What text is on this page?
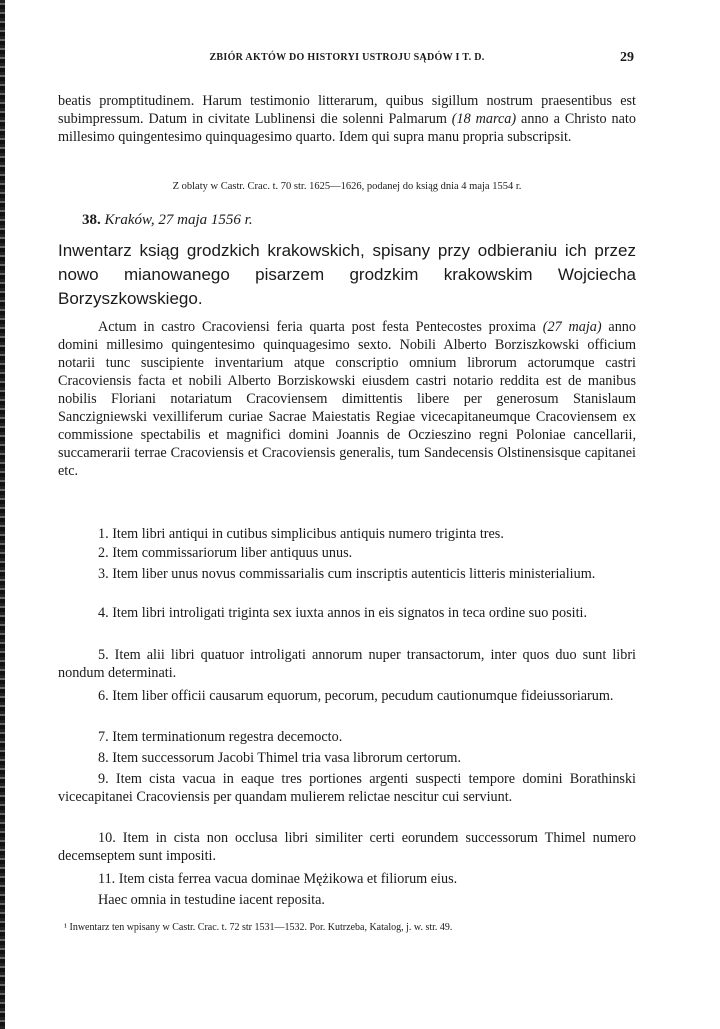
ZBIÓR AKTÓW DO HISTORYI USTROJU SĄDÓW I T. D.	29

beatis promptitudinem. Harum testimonio litterarum, quibus sigillum nostrum praesentibus est subimpressum. Datum in civitate Lublinensi die solenni Palmarum (18 marca) anno a Christo nato millesimo quingentesimo quinquagesimo quarto. Idem qui supra manu propria subscripsit.

Z oblaty w Castr. Crac. t. 70 str. 1625—1626, podanej do ksiąg dnia 4 maja 1554 r.

38. Kraków, 27 maja 1556 r.

Inwentarz ksiąg grodzkich krakowskich, spisany przy odbieraniu ich przez nowo mianowanego pisarzem grodzkim krakowskim Wojciecha Borzyszkowskiego.

Actum in castro Cracoviensi feria quarta post festa Pentecostes proxima (27 maja) anno domini millesimo quingentesimo quinquagesimo sexto. Nobili Alberto Borziszkowski officium notarii tunc suscipiente inventarium atque conscriptio omnium librorum actorumque castri Cracoviensis facta et nobili Alberto Borziskowski eiusdem castri notario reddita est de manibus nobilis Floriani notariatum Cracoviensem dimittentis libere per generosum Stanislaum Sanczigniewski vexilliferum curiae Sacrae Maiestatis Regiae vicecapitaneumque Cracoviensem ex commissione spectabilis et magnifici domini Joannis de Oczieszino regni Poloniae cancellarii, succamerarii terrae Cracoviensis et Cracoviensis generalis, tum Sandecensis Olstinensisque capitanei etc.

1. Item libri antiqui in cutibus simplicibus antiquis numero triginta tres.

2. Item commissariorum liber antiquus unus.

3. Item liber unus novus commissarialis cum inscriptis autenticis litteris ministerialium.

4. Item libri introligati triginta sex iuxta annos in eis signatos in teca ordine suo positi.

5. Item alii libri quatuor introligati annorum nuper transactorum, inter quos duo sunt libri nondum determinati.

6. Item liber officii causarum equorum, pecorum, pecudum cautionumque fideiussoriarum.

7. Item terminationum regestra decemocto.

8. Item successorum Jacobi Thimel tria vasa librorum certorum.

9. Item cista vacua in eaque tres portiones argenti suspecti tempore domini Borathinski vicecapitanei Cracoviensis per quandam mulierem relictae nescitur cui serviunt.

10. Item in cista non occlusa libri similiter certi eorundem successorum Thimel numero decemseptem sunt impositi.

11. Item cista ferrea vacua dominae Mężikowa et filiorum eius.

Haec omnia in testudine iacent reposita.

¹ Inwentarz ten wpisany w Castr. Crac. t. 72 str 1531—1532. Por. Kutrzeba, Katalog, j. w. str. 49.
